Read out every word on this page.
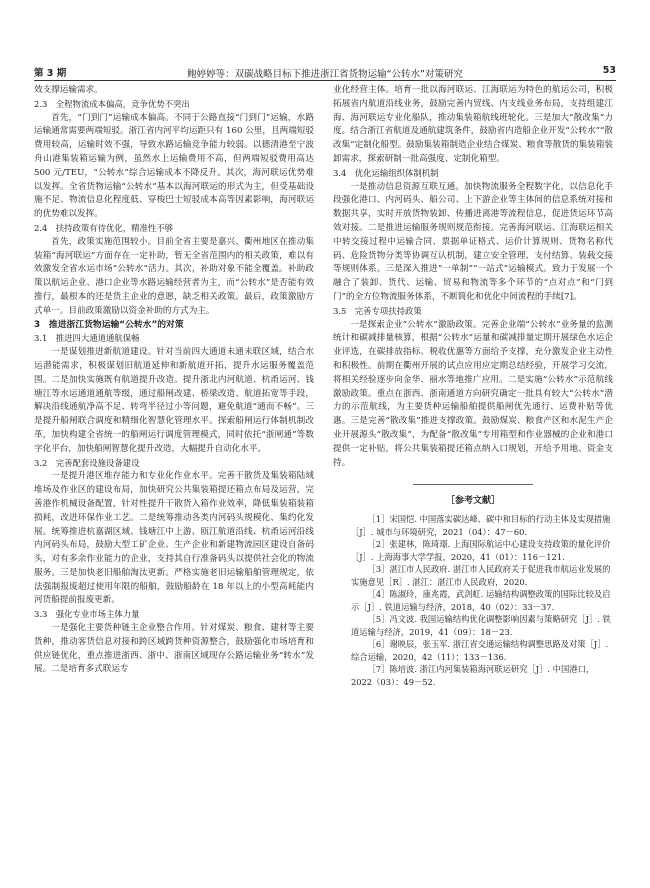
第 3 期	鲍婷婷等：双碳战略目标下推进浙江省货物运输“公转水”对策研究	53

效支撑运输需求。

2.3　全程物流成本偏高，竞争优势不突出

首先，“门到门”运输成本偏高。不同于公路直接“门到门”运输，水路运输通常需要两端短驳。浙江省内河平均运距只有 160 公里，且两端短驳费用较高，运输时效不强，导致水路运输竞争能力较弱。以德清港至宁波舟山港集装箱运输为例，虽然水上运输费用不高，但两端短驳费用高达 500 元/TEU，“公转水”综合运输成本不降反升。其次，海河联运优势难以发挥。全省货物运输“公转水”基本以海河联运的形式为主，但受基础设施不足、物流信息化程度低、穿梭巴士短驳成本高等因素影响，海河联运的优势难以发挥。

2.4　扶持政策有待优化，精准性不够

首先，政策实施范围较小。目前全省主要是嘉兴、衢州地区在推动集装箱“海河联运”方面存在一定补助，暂无全省范围内的相关政策，难以有效激发全省水运市场“公转水”活力。其次，补助对象不能全覆盖。补助政策以航运企业、港口企业等水路运输经营者为主，而“公转水”是否能有效推行，最根本的还是货主企业的意愿，缺乏相关政策。最后，政策激励方式单一。目前政策激励以资金补助的方式为主。

3　推进浙江货物运输“公转水”的对策
3.1　推进四大通道通航保畅

一是谋划推进新航道建设。针对当前四大通道未通未联区域，结合水运潜能需求，积极谋划旧航道延伸和新航道开拓，提升水运服务覆盖范围。二是加快实施既有航道提升改造。提升浙北内河航道、杭甬运河、钱塘江等水运通道通航等级，通过船闸改建、桥梁改造、航道拓宽等手段，解决沿线通航净高不足、转弯半径过小等问题，避免航道“通而不畅”。三是提升船闸联合调度和精细化智慧化管理水平。探索船闸运行体制机制改革，加快构建全省统一的船闸运行调度管理模式，同时依托“浙闸通”等数字化平台，加快船闸智慧化提升改造，大幅提升自动化水平。

3.2　完善配套设施设备建设

一是提升港区堆存能力和专业化作业水平。完善干散货及集装箱陆域堆场及作业区的建设布局，加快研究公共集装箱提还箱点布局及运营，完善港作机械设备配置，针对性提升干散货入箱作业效率，降低集装箱装箱损耗，改进环保作业工艺。二是统筹推动各类内河码头规模化、集约化发展。统筹推进杭嘉湖区域、钱塘江中上游、瓯江航道沿线、杭甬运河沿线内河码头布局，鼓励大型工矿企业、生产企业和新建物流园区建设自备码头，对有多余作业能力的企业，支持其自行准备码头以提供社会化的物流服务。三是加快老旧船舶淘汰更新。严格实施老旧运输船舶管理规定，依法强制报废超过使用年限的船舶，鼓励船龄在 18 年以上的小型高耗能内河货船提前报废更新。

3.3　强化专业市场主体力量

一是强化主要货种链主企业整合作用。针对煤炭、粮食、建材等主要货种，推动客货信息对接和跨区域跨货种资源整合，鼓励强化市场培育和供应链优化，重点推进浙西、浙中、浙南区域现存公路运输业务“转水”发展。二是培育多式联运专

业化经营主体。培育一批以海河联运、江海联运为特色的航运公司，积极拓展省内航道沿线业务，鼓励完善内贸线、内支线业务布局，支持组建江海、海河联运专业化船队，推动集装箱航线班轮化。三是加大“散改集”力度。结合浙江省航道及通航建筑条件，鼓励省内造船企业开发“公转水”“散改集”定制化船型。鼓励集装箱制造企业结合煤炭、粮食等散货的集装箱装卸需求，探索研制一批高强度、定制化箱型。

3.4　优化运输组织体制机制

一是推动信息资源互联互通。加快物流服务全程数字化，以信息化手段强化港口、内河码头、船公司、上下游企业等主体间的信息系统对接和数据共享，实时开放货物装卸、传播进离港等流程信息，促进货运环节高效对接。二是推进运输服务规则规范衔接。完善海河联运、江海联运相关中转交接过程中运输合同、票据单证格式、运价计算规则、货物名称代码、危险货物分类等协调互认机制，建立安全管理、支付结算、装载交接等规则体系。三是深入推进“一单制”“一站式”运输模式。致力于发展一个融合了装卸、货代、运输、贸易和物流等多个环节的“点对点”和“门到门”的全方位物流服务体系，不断简化和优化中间流程的手续[7]。

3.5　完善专项扶持政策

一是探索企业“公转水”激励政策。完善企业端“公转水”业务量的监测统计和碳减排量核算，根据“公转水”运量和碳减排量定期开展绿色水运企业评选，在碳排放指标、税收优惠等方面给予支撑，充分激发企业主动性和积极性。前期在衢州开展的试点应用应定期总结经验，开展学习交流，将相关经验逐步向金华、丽水等地推广应用。二是实施“公转水”示范航线激励政策。重点在浙西、浙南通道方向研究确定一批具有较大“公转水”潜力的示范航线，为主要货种运输船舶提供船闸优先通行、运费补贴等优惠。三是完善“散改集”推进支撑政策。鼓励煤炭、粮食产区和水泥生产企业开展源头“散改集”，为配备“散改集”专用箱型和作业器械的企业和港口提供一定补贴，将公共集装箱提还箱点纳入口规划，开给予用地、资金支持。

［参考文献］

［1］宋国恺. 中国落实碳达峰、碳中和目标的行动主体及实现措施［J］. 城市与环境研究，2021（04）：47－60.

［2］张建林，陈琦璟. 上海国际航运中心建设支持政策的量化评价［J］. 上海海事大学学报，2020，41（01）：116－121.

［3］湛江市人民政府. 湛江市人民政府关于促进我市航运业发展的实施意见［R］. 湛江：湛江市人民政府，2020.

［4］陈淑玲，康兆霞，武剑虹. 运输结构调整政策的国际比较及启示［J］. 铁道运输与经济，2018，40（02）：33－37.

［5］冯文波. 我国运输结构优化调整影响因素与策略研究［J］. 铁道运输与经济，2019，41（09）：18－23.

［6］谢映辰，张玉军. 浙江省交通运输结构调整思路及对策［J］. 综合运输，2020，42（11）：133－136.

［7］陈培波. 浙江内河集装箱海河联运研究［J］. 中国港口，2022（03）：49－52.
